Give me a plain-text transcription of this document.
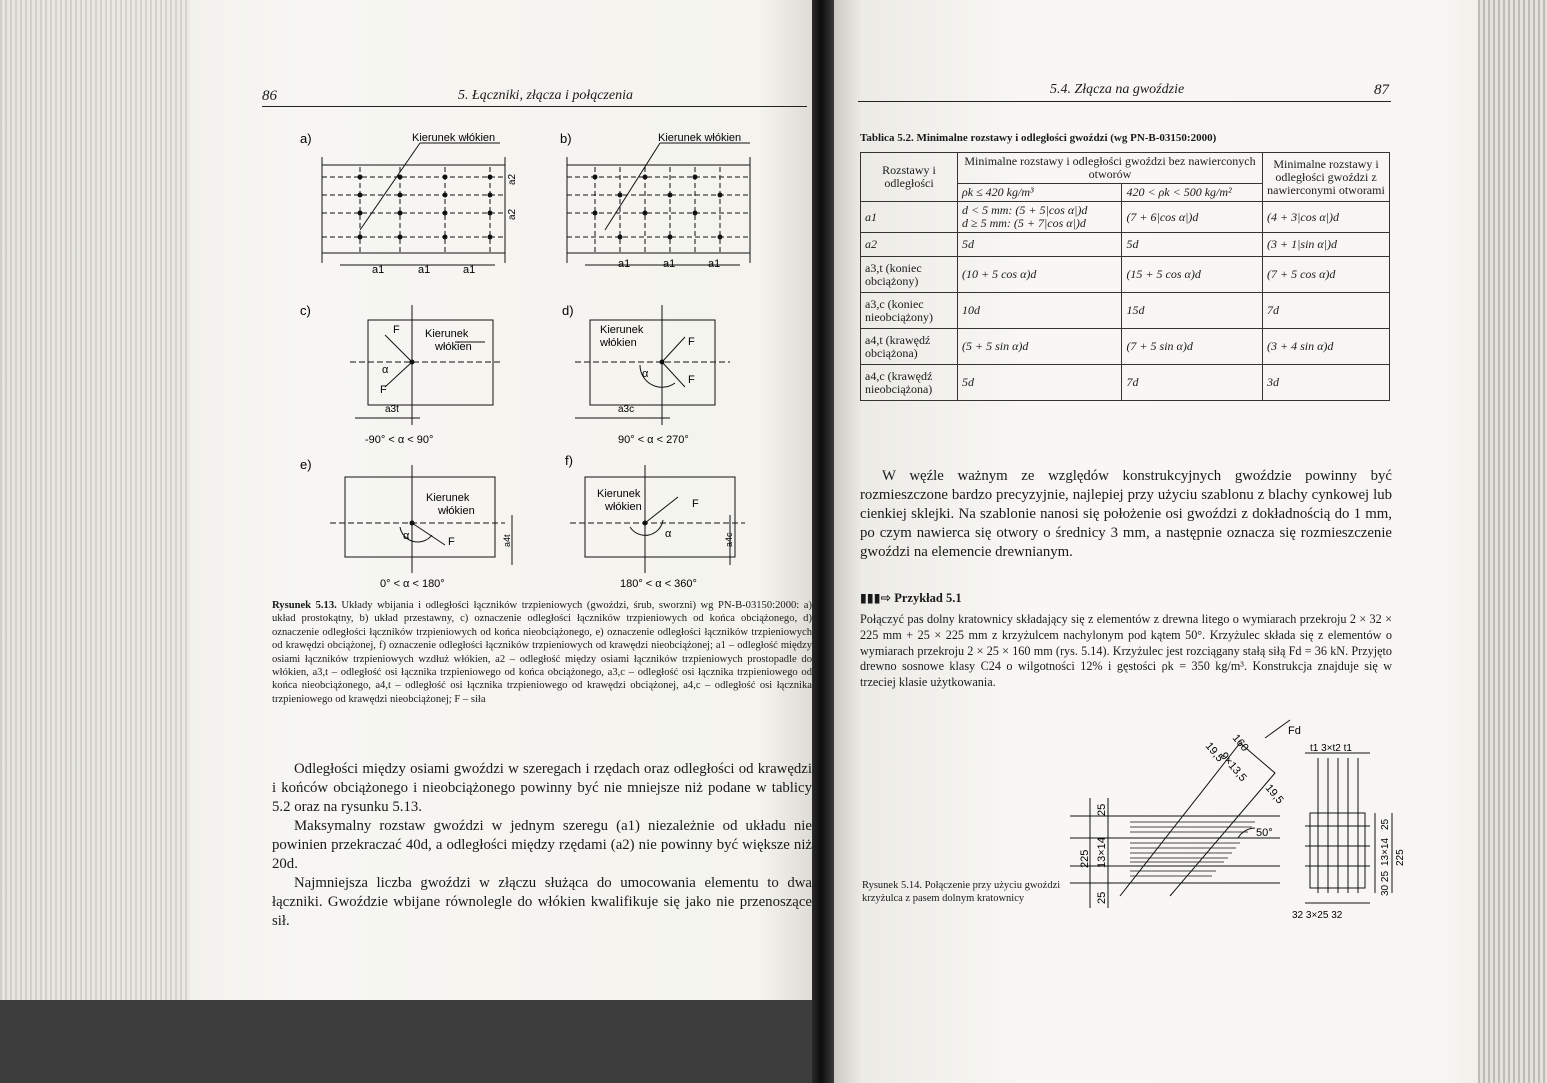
86	5. Łączniki, złącza i połączenia
a)	Kierunek włókien	b)	Kierunek włókien
a1	a1	a1	a1	a1	a1
a2
a2
c)
F Kierunek
włókien
α
F
a3t
-90° < α < 90°
d)
Kierunek
włókien	F
α	F
a3c
90° < α < 270°
e)
Kierunek
włókien
α	F	a4t
0° < α < 180°
f)
Kierunek
włókien	F
α	a4c
180° < α < 360°
Rysunek 5.13. Układy wbijania i odległości łączników trzpieniowych (gwoździ, śrub, sworzni) wg PN-B-03150:2000: a) układ prostokątny, b) układ przestawny, c) oznaczenie odległości łączników trzpieniowych od końca obciążonego, d) oznaczenie odległości łączników trzpieniowych od końca nieobciążonego, e) oznaczenie odległości łączników trzpieniowych od krawędzi obciążonej, f) oznaczenie odległości łączników trzpieniowych od krawędzi nieobciążonej; a1 – odległość między osiami łączników trzpieniowych wzdłuż włókien, a2 – odległość między osiami łączników trzpieniowych prostopadle do włókien, a3,t – odległość osi łącznika trzpieniowego od końca obciążonego, a3,c – odległość osi łącznika trzpieniowego od końca nieobciążonego, a4,t – odległość osi łącznika trzpieniowego od krawędzi obciążonej, a4,c – odległość osi łącznika trzpieniowego od krawędzi nieobciążonej; F – siła

Odległości między osiami gwoździ w szeregach i rzędach oraz odległości od krawędzi i końców obciążonego i nieobciążonego powinny być nie mniejsze niż podane w tablicy 5.2 oraz na rysunku 5.13.

Maksymalny rozstaw gwoździ w jednym szeregu (a1) niezależnie od układu nie powinien przekraczać 40d, a odległości między rzędami (a2) nie powinny być większe niż 20d.

Najmniejsza liczba gwoździ w złączu służąca do umocowania elementu to dwa łączniki. Gwoździe wbijane równolegle do włókien kwalifikuje się jako nie przenoszące sił.

5.4. Złącza na gwoździe	87
Tablica 5.2. Minimalne rozstawy i odległości gwoździ (wg PN-B-03150:2000)
Rozstawy i odległości	Minimalne rozstawy i odległości gwoździ bez nawierconych otworów		Minimalne rozstawy i odległości gwoździ z nawierconymi otworami
	ρk ≤ 420 kg/m³	420 < ρk < 500 kg/m²	
a1	d < 5 mm: (5 + 5|cos α|)d
d ≥ 5 mm: (5 + 7|cos α|)d	(7 + 6|cos α|)d	(4 + 3|cos α|)d
a2	5d	5d	(3 + 1|sin α|)d
a3,t (koniec obciążony)	(10 + 5 cos α)d	(15 + 5 cos α)d	(7 + 5 cos α)d
a3,c (koniec nieobciążony)	10d	15d	7d
a4,t (krawędź obciążona)	(5 + 5 sin α)d	(7 + 5 sin α)d	(3 + 4 sin α)d
a4,c (krawędź nieobciążona)	5d	7d	3d

W węźle ważnym ze względów konstrukcyjnych gwoździe powinny być rozmieszczone bardzo precyzyjnie, najlepiej przy użyciu szablonu z blachy cynkowej lub cienkiej sklejki. Na szablonie nanosi się położenie osi gwoździ z dokładnością do 1 mm, po czym nawierca się otwory o średnicy 3 mm, a następnie oznacza się rozmieszczenie gwoździ na elemencie drewnianym.

▮▮▮⇨ Przykład 5.1
Połączyć pas dolny kratownicy składający się z elementów z drewna litego o wymiarach przekroju 2 × 32 × 225 mm + 25 × 225 mm z krzyżulcem nachylonym pod kątem 50°. Krzyżulec składa się z elementów o wymiarach przekroju 2 × 25 × 160 mm (rys. 5.14). Krzyżulec jest rozciągany stałą siłą Fd = 36 kN. Przyjęto drewno sosnowe klasy C24 o wilgotności 12% i gęstości ρk = 350 kg/m³. Konstrukcja znajduje się w trzeciej klasie użytkowania.
19,5 160
9×13,5
19,5
50°
25
225 13×14
25
Fd
t1 3×t2 t1
25
13×14 225
30 25
32 3×25 32
Rysunek 5.14. Połączenie przy użyciu gwoździ krzyżulca z pasem dolnym kratownicy
